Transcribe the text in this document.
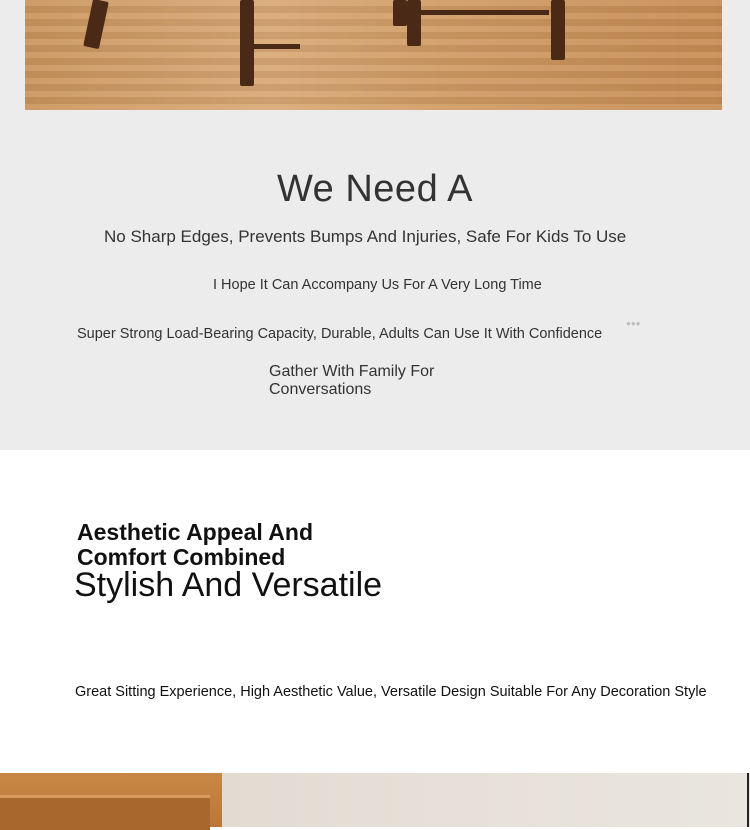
We Need A
No Sharp Edges, Prevents Bumps And Injuries, Safe For Kids To Use
I Hope It Can Accompany Us For A Very Long Time
Super Strong Load-Bearing Capacity, Durable, Adults Can Use It With Confidence
●●●
Gather With Family For Conversations
Aesthetic Appeal And Comfort Combined
Stylish And Versatile
Great Sitting Experience, High Aesthetic Value, Versatile Design Suitable For Any Decoration Style
